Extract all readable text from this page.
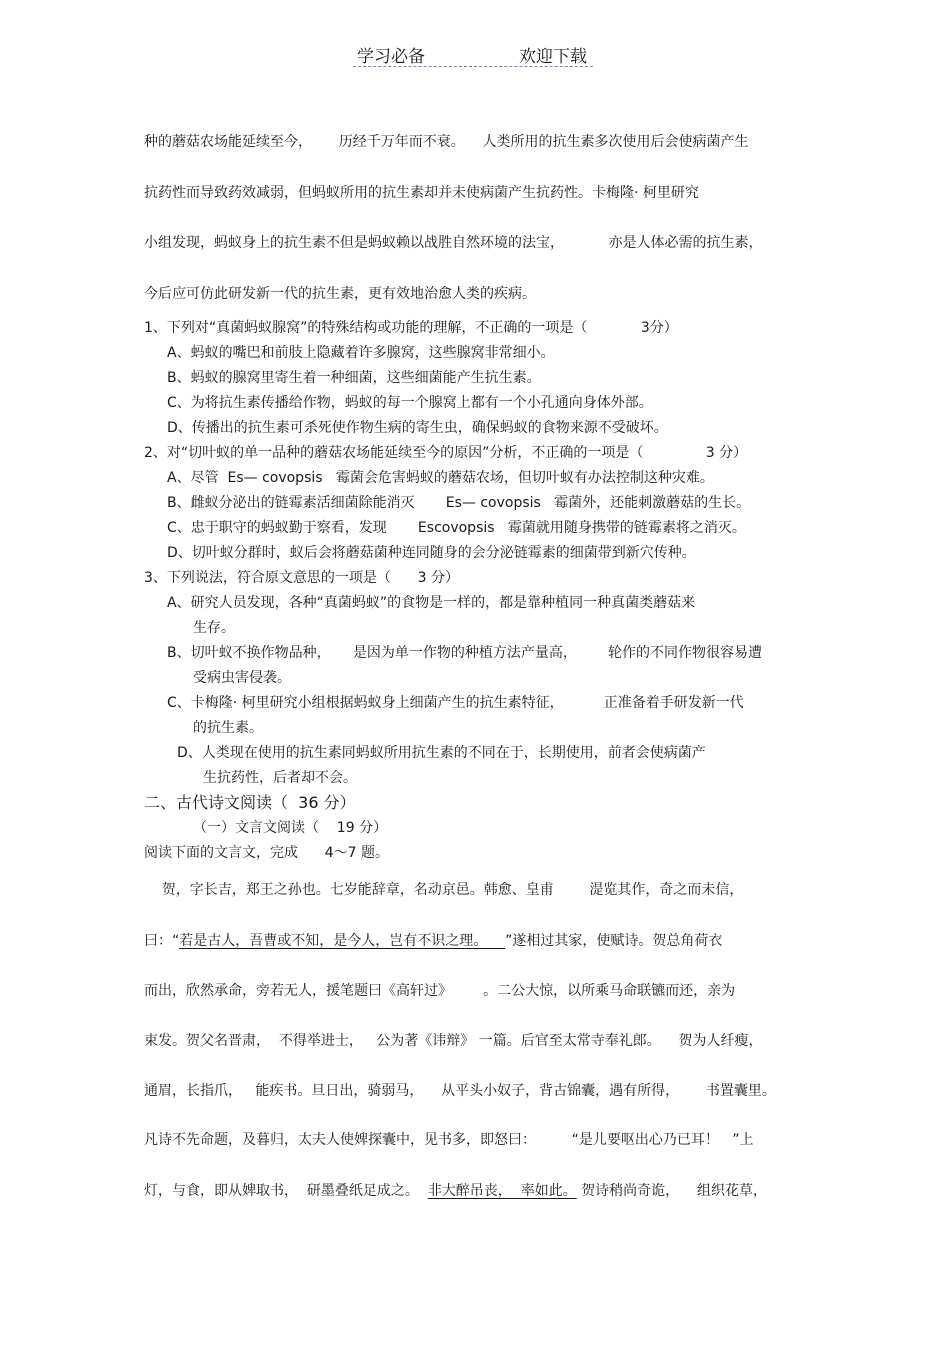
学习必备	欢迎下载
种的蘑菇农场能延续至今，      历经千万年而不衰。    人类所用的抗生素多次使用后会使病菌产生
抗药性而导致药效减弱，但蚂蚁所用的抗生素却并未使病菌产生抗药性。卡梅隆· 柯里研究
小组发现，蚂蚁身上的抗生素不但是蚂蚁赖以战胜自然环境的法宝，          亦是人体必需的抗生素，
今后应可仿此研发新一代的抗生素，更有效地治愈人类的疾病。
1、下列对“真菌蚂蚁腺窝”的特殊结构或功能的理解，不正确的一项是（            3分）
A、蚂蚁的嘴巴和前肢上隐藏着许多腺窝，这些腺窝非常细小。
B、蚂蚁的腺窝里寄生着一种细菌，这些细菌能产生抗生素。
C、为将抗生素传播给作物，蚂蚁的每一个腺窝上都有一个小孔通向身体外部。
D、传播出的抗生素可杀死使作物生病的寄生虫，确保蚂蚁的食物来源不受破坏。
2、对“切叶蚁的单一品种的蘑菇农场能延续至今的原因”分析，不正确的一项是（              3 分）
A、尽管  Es— covopsis   霉菌会危害蚂蚁的蘑菇农场，但切叶蚁有办法控制这种灾难。
B、雌蚁分泌出的链霉素活细菌除能消灭       Es— covopsis   霉菌外，还能刺激蘑菇的生长。
C、忠于职守的蚂蚁勤于察看，发现       Escovopsis   霉菌就用随身携带的链霉素将之消灭。
D、切叶蚁分群时，蚁后会将蘑菇菌种连同随身的会分泌链霉素的细菌带到新穴传种。
3、下列说法，符合原文意思的一项是（      3 分）
A、研究人员发现，各种“真菌蚂蚁”的食物是一样的，都是靠种植同一种真菌类蘑菇来
生存。
B、切叶蚁不换作物品种，     是因为单一作物的种植方法产量高，       轮作的不同作物很容易遭
受病虫害侵袭。
C、卡梅隆· 柯里研究小组根据蚂蚁身上细菌产生的抗生素特征，         正准备着手研发新一代
的抗生素。
D、人类现在使用的抗生素同蚂蚁所用抗生素的不同在于，长期使用，前者会使病菌产
生抗药性，后者却不会。
二、古代诗文阅读（  36 分）
（一）文言文阅读（    19 分）
阅读下面的文言文，完成      4～7 题。
贺，字长吉，郑王之孙也。七岁能辞章，名动京邑。韩愈、皇甫        湜览其作，奇之而未信，
曰：“若是古人，吾曹或不知，是今人，岂有不识之理。    ”遂相过其家，使赋诗。贺总角荷衣
而出，欣然承命，旁若无人，援笔题曰《高轩过》       。二公大惊，以所乘马命联镳而还，亲为
束发。贺父名晋肃，  不得举进士，   公为著《讳辩》 一篇。后官至太常寺奉礼郎。    贺为人纤瘦，
通眉，长指爪，   能疾书。旦日出，骑弱马，    从平头小奴子，背古锦囊，遇有所得，      书置囊里。
凡诗不先命题，及暮归，太夫人使婢探囊中，见书多，即怒曰：        “是儿要呕出心乃已耳！   ”上
灯，与食，即从婢取书，  研墨叠纸足成之。  非大醉吊丧，  率如此。 贺诗稍尚奇诡，    组织花草，
